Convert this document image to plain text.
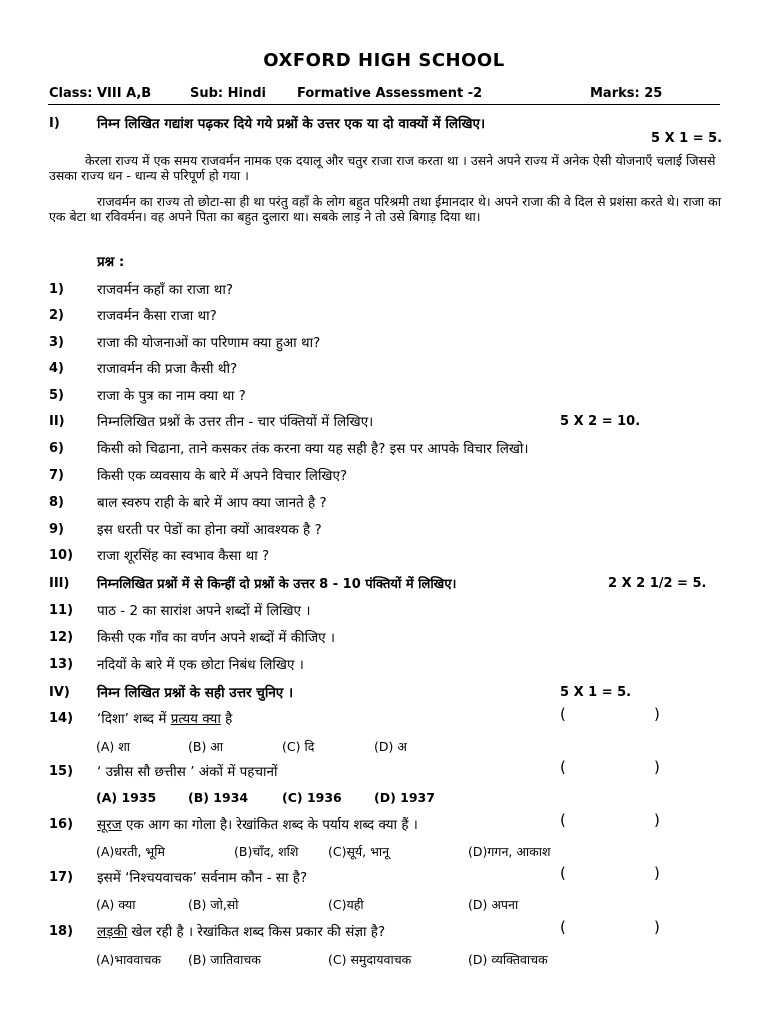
OXFORD HIGH SCHOOL
Class: VIII A,B	Sub: Hindi Formative Assessment -2	Marks: 25
I)	निम्न लिखित गद्यांश पढ़कर दिये गये प्रश्नों के उत्तर एक या दो वाक्यों में लिखिए।
5 X 1 = 5.
केरला राज्य में एक समय राजवर्मन नामक एक दयालू और चतुर राजा राज करता था । उसने अपने राज्य में अनेक ऐसी योजनाएँ चलाई जिससे उसका राज्य धन - धान्य से परिपूर्ण हो गया ।
राजवर्मन का राज्य तो छोटा-सा ही था परंतु वहाँ के लोग बहुत परिश्रमी तथा ईमानदार थे। अपने राजा की वे दिल से प्रशंसा करते थे। राजा का एक बेटा था रविवर्मन। वह अपने पिता का बहुत दुलारा था। सबके लाड़ ने तो उसे बिगाड़ दिया था।
प्रश्न :
1) राजवर्मन कहाँ का राजा था?
2) राजवर्मन कैसा राजा था?
3) राजा की योजनाओं का परिणाम क्या हुआ था?
4) राजावर्मन की प्रजा कैसी थी?
5) राजा के पुत्र का नाम क्या था ?
II) निम्नलिखित प्रश्नों के उत्तर तीन - चार पंक्तियों में लिखिए।	5 X 2 = 10.
6) किसी को चिढाना, ताने कसकर तंक करना क्या यह सही है? इस पर आपके विचार लिखो।
7) किसी एक व्यवसाय के बारे में अपने विचार लिखिए?
8) बाल स्वरुप राही के बारे में आप क्या जानते है ?
9) इस धरती पर पेडों का होना क्यों आवश्यक है ?
10) राजा शूरसिंह का स्वभाव कैसा था ?
III) निम्नलिखित प्रश्नों में से किन्हीं दो प्रश्नों के उत्तर 8 - 10 पंक्तियों में लिखिए।	2 X 2 1/2 = 5.
11) पाठ - 2 का सारांश अपने शब्दों में लिखिए ।
12) किसी एक गाँव का वर्णन अपने शब्दों में कीजिए ।
13) नदियों के बारे में एक छोटा निबंध लिखिए ।
IV) निम्न लिखित प्रश्नों के सही उत्तर चुनिए ।	5 X 1 = 5.
14) ‘दिशा’ शब्द में प्रत्यय क्या है	(	)
(A) शा	(B) आ	(C) दि	(D) अ
15) ‘ उन्नीस सौ छत्तीस ’ अंकों में पहचानों	(	)
(A) 1935	(B) 1934	(C) 1936	(D) 1937
16) सूरज एक आग का गोला है। रेखांकित शब्द के पर्याय शब्द क्या हैं ।	(	)
(A)धरती, भूमि	(B)चाँद, शशि (C)सूर्य, भानू	(D)गगन, आकाश
17) इसमें ‘निश्चयवाचक’ सर्वनाम कौन - सा है?	(	)
(A) क्या	(B) जो,सो	(C)यही	(D) अपना
18) लड़की खेल रही है । रेखांकित शब्द किस प्रकार की संज्ञा है?	(	)
(A)भाववाचक (B) जातिवाचक	(C) समुदायवाचक	(D) व्यक्तिवाचक
